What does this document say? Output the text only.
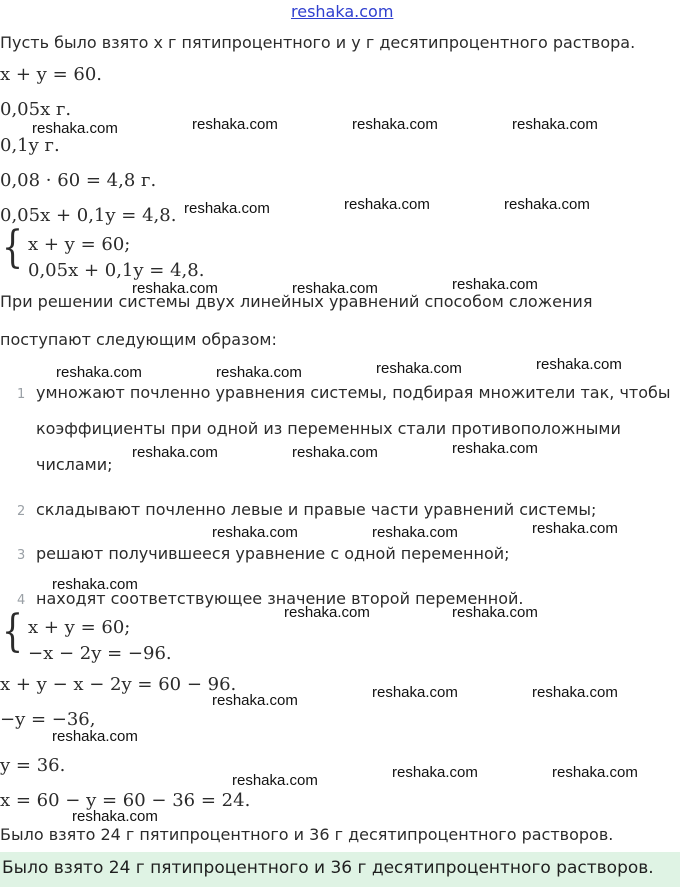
reshaka.com
Пусть было взято x г пятипроцентного и y г десятипроцентного раствора.
x + y = 60.
0,05x г.
0,1y г.
0,08 · 60 = 4,8 г.
0,05x + 0,1y = 4,8.
{ x + y = 60;
0,05x + 0,1y = 4,8.
При решении системы двух линейных уравнений способом сложения
поступают следующим образом:
1 умножают почленно уравнения системы, подбирая множители так, чтобы
коэффициенты при одной из переменных стали противоположными
числами;
2 складывают почленно левые и правые части уравнений системы;
3 решают получившееся уравнение с одной переменной;
4 находят соответствующее значение второй переменной.
{ x + y = 60;
−x − 2y = −96.
x + y − x − 2y = 60 − 96.
−y = −36,
y = 36.
x = 60 − y = 60 − 36 = 24.
Было взято 24 г пятипроцентного и 36 г десятипроцентного растворов.
Было взято 24 г пятипроцентного и 36 г десятипроцентного растворов.
reshaka.com	reshaka.com	reshaka.com	reshaka.com
reshaka.com	reshaka.com	reshaka.com
reshaka.com	reshaka.com	reshaka.com
reshaka.com	reshaka.com	reshaka.com	reshaka.com
reshaka.com	reshaka.com	reshaka.com
reshaka.com	reshaka.com	reshaka.com
reshaka.com
reshaka.com	reshaka.com
reshaka.com	reshaka.com	reshaka.com
reshaka.com
reshaka.com	reshaka.com	reshaka.com
reshaka.com
